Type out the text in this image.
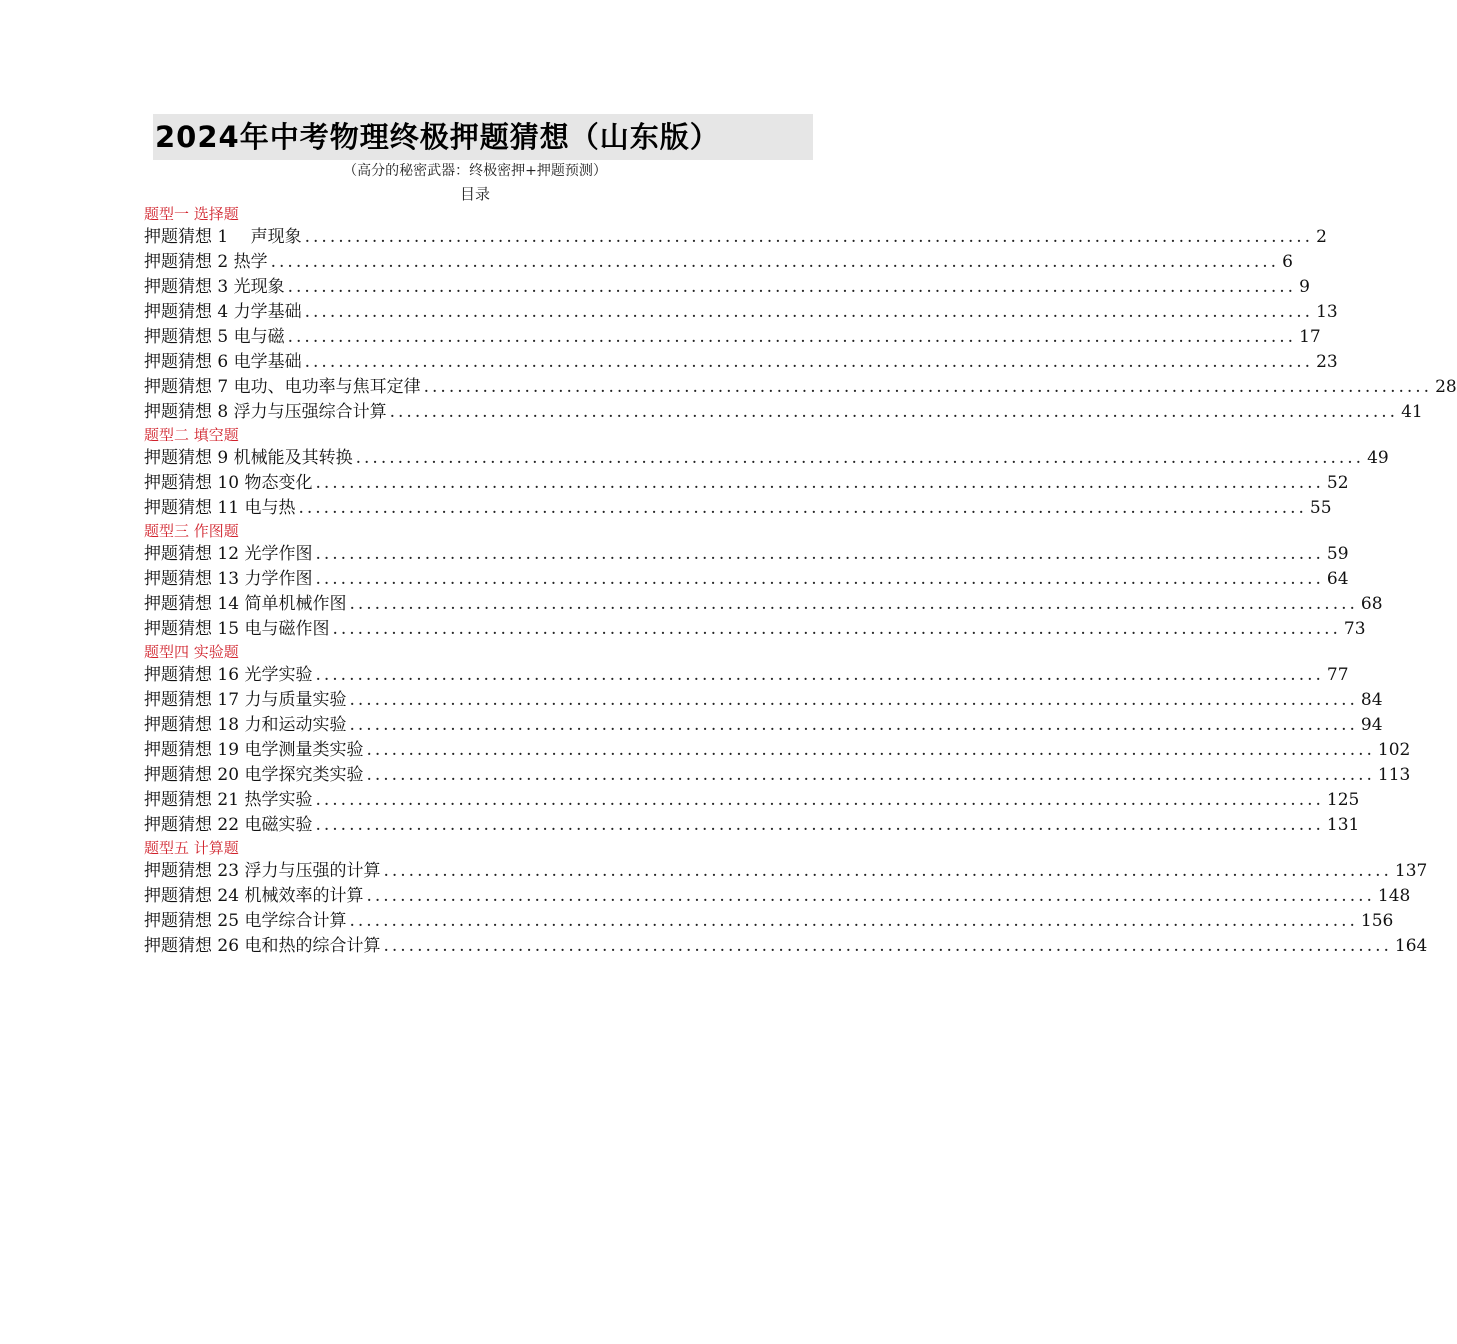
2024年中考物理终极押题猜想（山东版）
（高分的秘密武器：终极密押+押题预测）
目录
题型一 选择题
押题猜想 1　 声现象 ........................................................................................................................ 2
押题猜想 2 热学 ........................................................................................................................ 6
押题猜想 3 光现象 ........................................................................................................................ 9
押题猜想 4 力学基础 ........................................................................................................................ 13
押题猜想 5 电与磁 ........................................................................................................................ 17
押题猜想 6 电学基础 ........................................................................................................................ 23
押题猜想 7 电功、电功率与焦耳定律 ........................................................................................................................ 28
押题猜想 8 浮力与压强综合计算 ........................................................................................................................ 41
题型二 填空题
押题猜想 9 机械能及其转换 ........................................................................................................................ 49
押题猜想 10 物态变化 ........................................................................................................................ 52
押题猜想 11 电与热 ........................................................................................................................ 55
题型三 作图题
押题猜想 12 光学作图 ........................................................................................................................ 59
押题猜想 13 力学作图 ........................................................................................................................ 64
押题猜想 14 简单机械作图 ........................................................................................................................ 68
押题猜想 15 电与磁作图 ........................................................................................................................ 73
题型四 实验题
押题猜想 16 光学实验 ........................................................................................................................ 77
押题猜想 17 力与质量实验 ........................................................................................................................ 84
押题猜想 18 力和运动实验 ........................................................................................................................ 94
押题猜想 19 电学测量类实验 ........................................................................................................................ 102
押题猜想 20 电学探究类实验 ........................................................................................................................ 113
押题猜想 21 热学实验 ........................................................................................................................ 125
押题猜想 22 电磁实验 ........................................................................................................................ 131
题型五 计算题
押题猜想 23 浮力与压强的计算 ........................................................................................................................ 137
押题猜想 24 机械效率的计算 ........................................................................................................................ 148
押题猜想 25 电学综合计算 ........................................................................................................................ 156
押题猜想 26 电和热的综合计算 ........................................................................................................................ 164
